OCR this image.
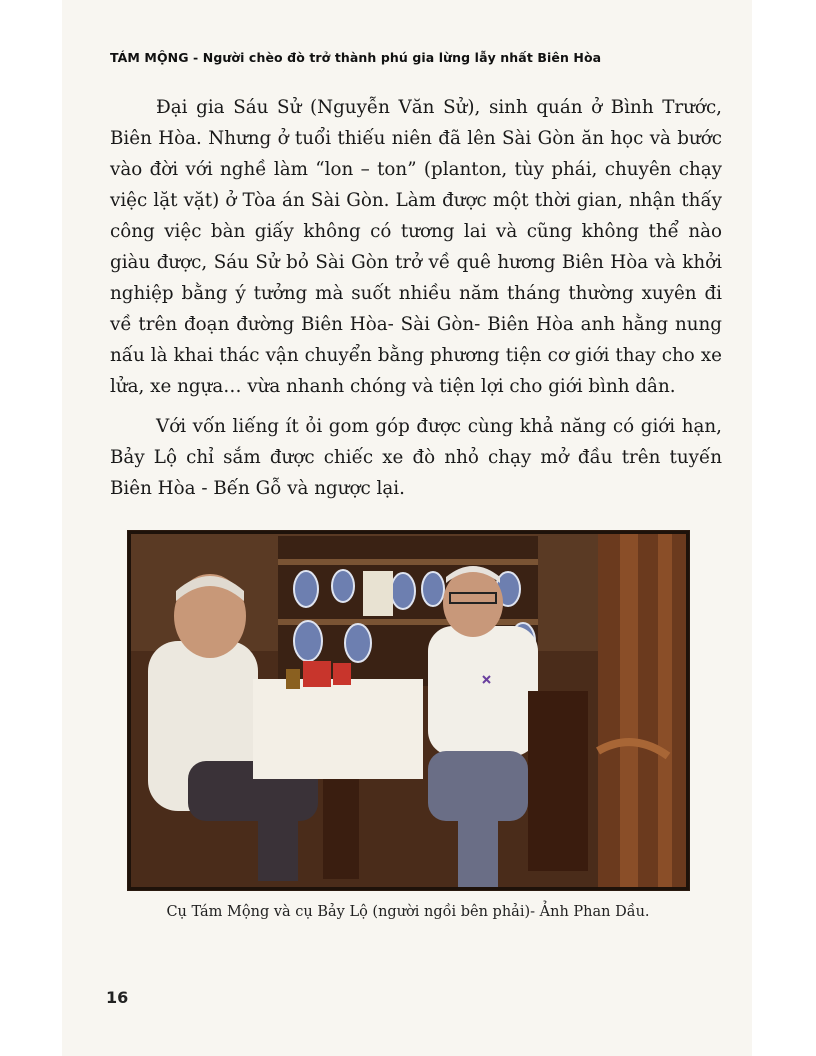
TÁM MỘNG - Người chèo đò trở thành phú gia lừng lẫy nhất Biên Hòa

Đại gia Sáu Sử (Nguyễn Văn Sử), sinh quán ở Bình Trước, Biên Hòa. Nhưng ở tuổi thiếu niên đã lên Sài Gòn ăn học và bước vào đời với nghề làm “lon – ton” (planton, tùy phái, chuyên chạy việc lặt vặt) ở Tòa án Sài Gòn. Làm được một thời gian, nhận thấy công việc bàn giấy không có tương lai và cũng không thể nào giàu được, Sáu Sử bỏ Sài Gòn trở về quê hương Biên Hòa và khởi nghiệp bằng ý tưởng mà suốt nhiều năm tháng thường xuyên đi về trên đoạn đường Biên Hòa- Sài Gòn- Biên Hòa anh hằng nung nấu là khai thác vận chuyển bằng phương tiện cơ giới thay cho xe lửa, xe ngựa… vừa nhanh chóng và tiện lợi cho giới bình dân.

Với vốn liếng ít ỏi gom góp được cùng khả năng có giới hạn, Bảy Lộ chỉ sắm được chiếc xe đò nhỏ chạy mở đầu trên tuyến Biên Hòa - Bến Gỗ và ngược lại.

Cụ Tám Mộng và cụ Bảy Lộ (người ngồi bên phải)- Ảnh Phan Dầu.
16
